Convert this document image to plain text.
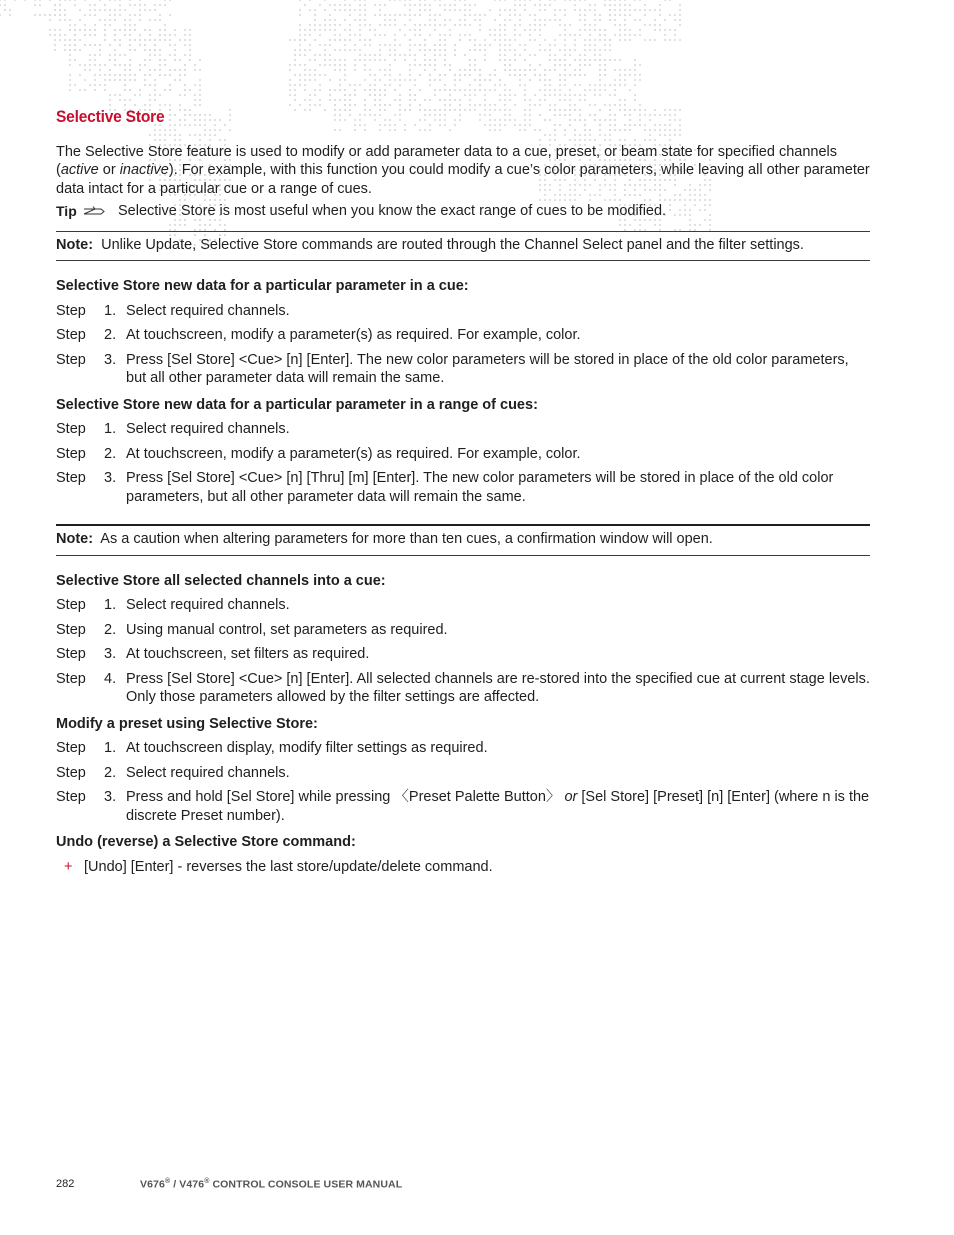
Selective Store

The Selective Store feature is used to modify or add parameter data to a cue, preset, or beam state for specified channels (active or inactive). For example, with this function you could modify a cue’s color parameters, while leaving all other parameter data intact for a particular cue or a range of cues.

Tip	Selective Store is most useful when you know the exact range of cues to be modified.
Note: Unlike Update, Selective Store commands are routed through the Channel Select panel and the filter settings.
Selective Store new data for a particular parameter in a cue:
Step	1. Select required channels.
Step	2. At touchscreen, modify a parameter(s) as required. For example, color.
Step	3. Press [Sel Store] <Cue> [n] [Enter]. The new color parameters will be stored in place of the old color parameters, but all other parameter data will remain the same.
Selective Store new data for a particular parameter in a range of cues:
Step	1. Select required channels.
Step	2. At touchscreen, modify a parameter(s) as required. For example, color.
Step	3. Press [Sel Store] <Cue> [n] [Thru] [m] [Enter]. The new color parameters will be stored in place of the old color parameters, but all other parameter data will remain the same.
Note: As a caution when altering parameters for more than ten cues, a confirmation window will open.
Selective Store all selected channels into a cue:
Step	1. Select required channels.
Step	2. Using manual control, set parameters as required.
Step	3. At touchscreen, set filters as required.
Step	4. Press [Sel Store] <Cue> [n] [Enter]. All selected channels are re-stored into the specified cue at current stage levels. Only those parameters allowed by the filter settings are affected.
Modify a preset using Selective Store:
Step	1. At touchscreen display, modify filter settings as required.
Step	2. Select required channels.
Step	3. Press and hold [Sel Store] while pressing 〈Preset Palette Button〉 or [Sel Store] [Preset] [n] [Enter] (where n is the discrete Preset number).
Undo (reverse) a Selective Store command:
+ [Undo] [Enter] - reverses the last store/update/delete command.
282	V676® / V476® CONTROL CONSOLE USER MANUAL
